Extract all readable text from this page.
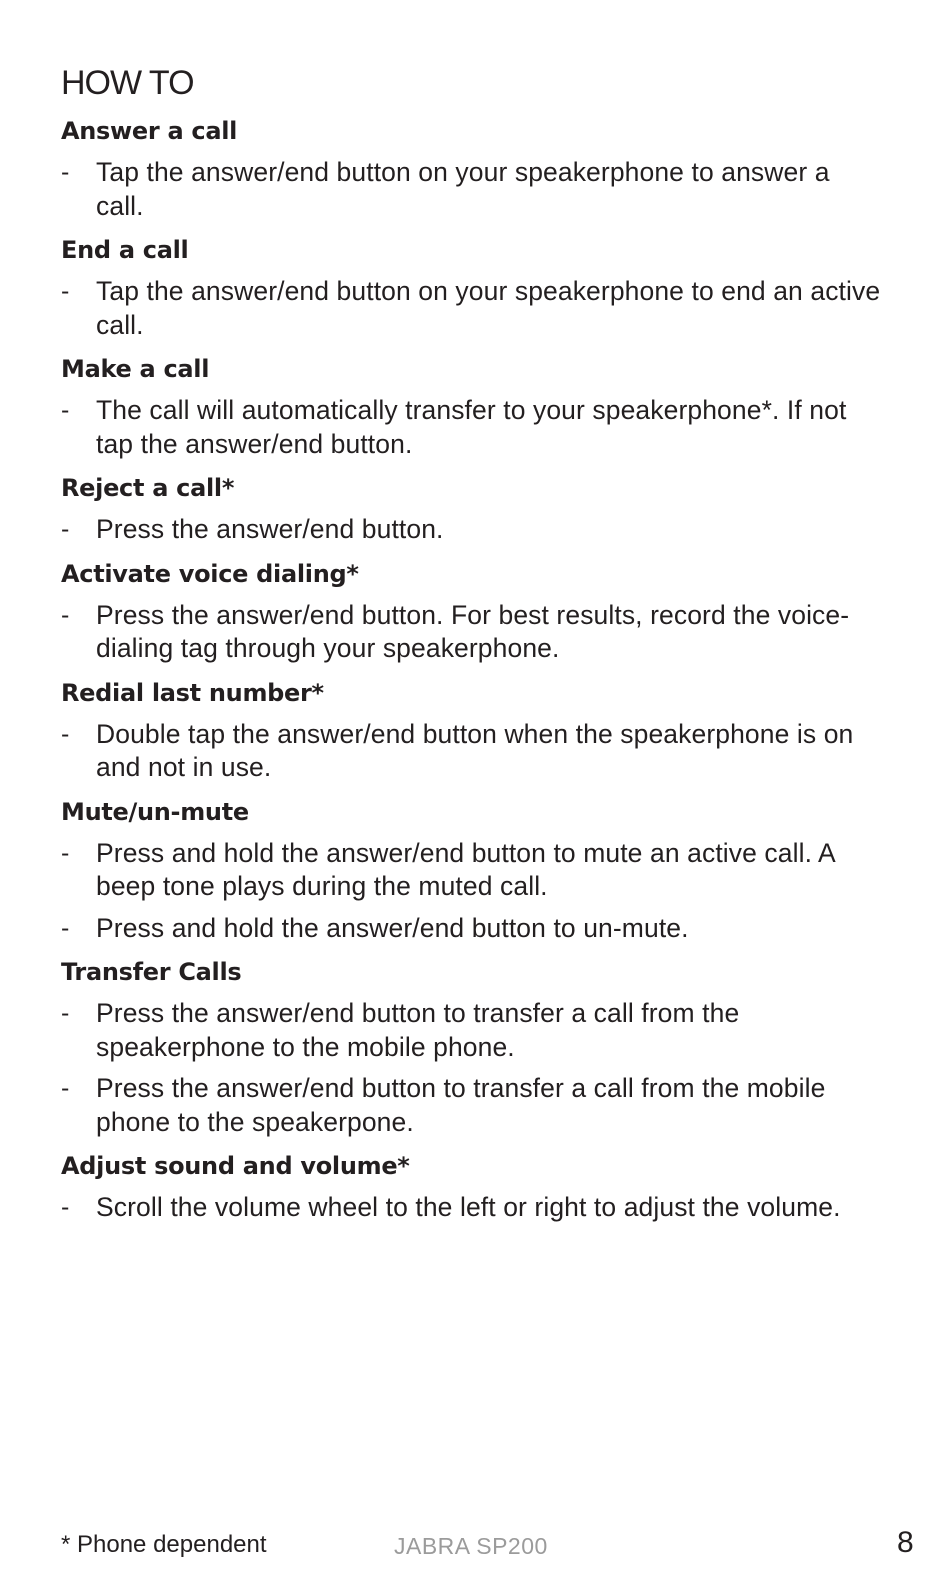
HOW TO
Answer a call
-	Tap the answer/end button on your speakerphone to answer a call.
End a call
-	Tap the answer/end button on your speakerphone to end an active call.
Make a call
-	The call will automatically transfer to your speakerphone*. If not tap the answer/end button.
Reject a call*
-	Press the answer/end button.
Activate voice dialing*
-	Press the answer/end button. For best results, record the voice-dialing tag through your speakerphone.
Redial last number*
-	Double tap the answer/end button when the speakerphone is on and not in use.
Mute/un-mute
-	Press and hold the answer/end button to mute an active call. A beep tone plays during the muted call.
-	Press and hold the answer/end button to un-mute.
Transfer Calls
-	Press the answer/end button to transfer a call from the speakerphone to the mobile phone.
-	Press the answer/end button to transfer a call from the mobile phone to the speakerpone.
Adjust sound and volume*
-	Scroll the volume wheel to the left or right to adjust the volume.
* Phone dependent	JABRA SP200	8
